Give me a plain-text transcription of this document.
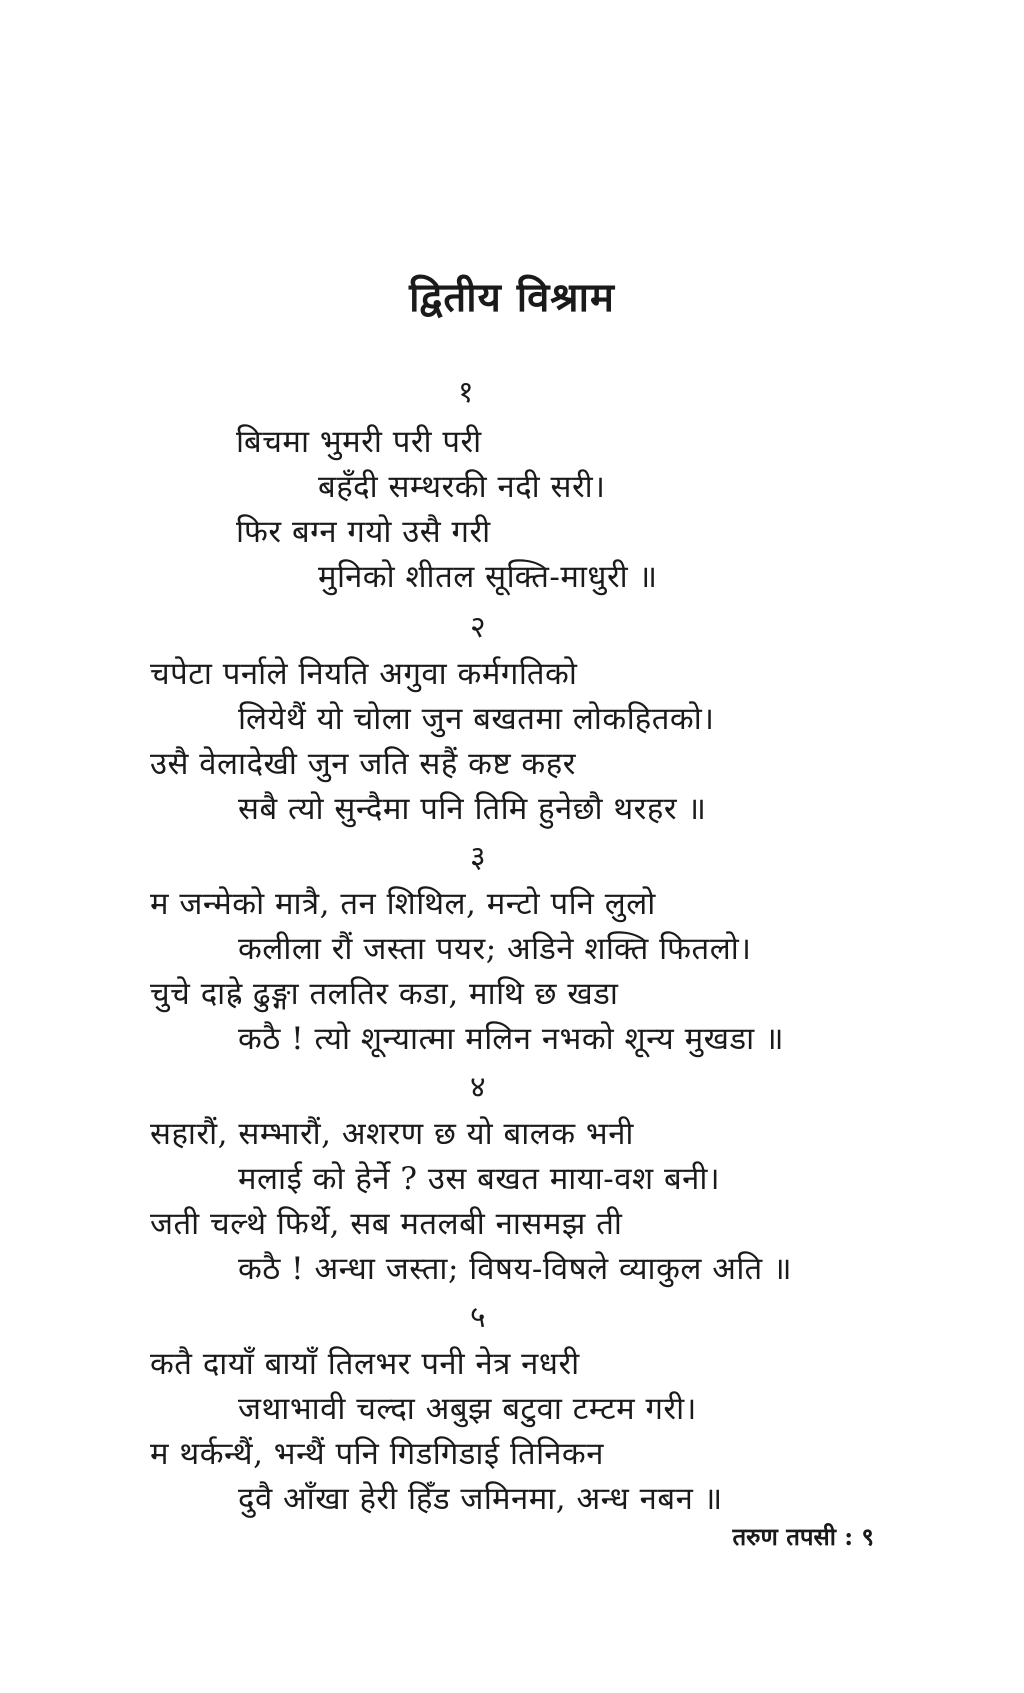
द्वितीय विश्राम
१
बिचमा भुमरी परी परी
बहँदी सम्थरकी नदी सरी।
फिर बग्न गयो उसै गरी
मुनिको शीतल सूक्ति-माधुरी ॥
२
चपेटा पर्नाले नियति अगुवा कर्मगतिको
लियेथैं यो चोला जुन बखतमा लोकहितको।
उसै वेलादेखी जुन जति सहैं कष्ट कहर
सबै त्यो सुन्दैमा पनि तिमि हुनेछौ थरहर ॥
३
म जन्मेको मात्रै, तन शिथिल, मन्टो पनि लुलो
कलीला रौं जस्ता पयर; अडिने शक्ति फितलो।
चुचे दाह्रे ढुङ्गा तलतिर कडा, माथि छ खडा
कठै ! त्यो शून्यात्मा मलिन नभको शून्य मुखडा ॥
४
सहारौं, सम्भारौं, अशरण छ यो बालक भनी
मलाई को हेर्ने ? उस बखत माया-वश बनी।
जती चल्थे फिर्थे, सब मतलबी नासमझ ती
कठै ! अन्धा जस्ता; विषय-विषले व्याकुल अति ॥
५
कतै दायाँ बायाँ तिलभर पनी नेत्र नधरी
जथाभावी चल्दा अबुझ बटुवा टम्टम गरी।
म थर्कन्थैं, भन्थैं पनि गिडगिडाई तिनिकन
दुवै आँखा हेरी हिँड जमिनमा, अन्ध नबन ॥
तरुण तपसी : ९
